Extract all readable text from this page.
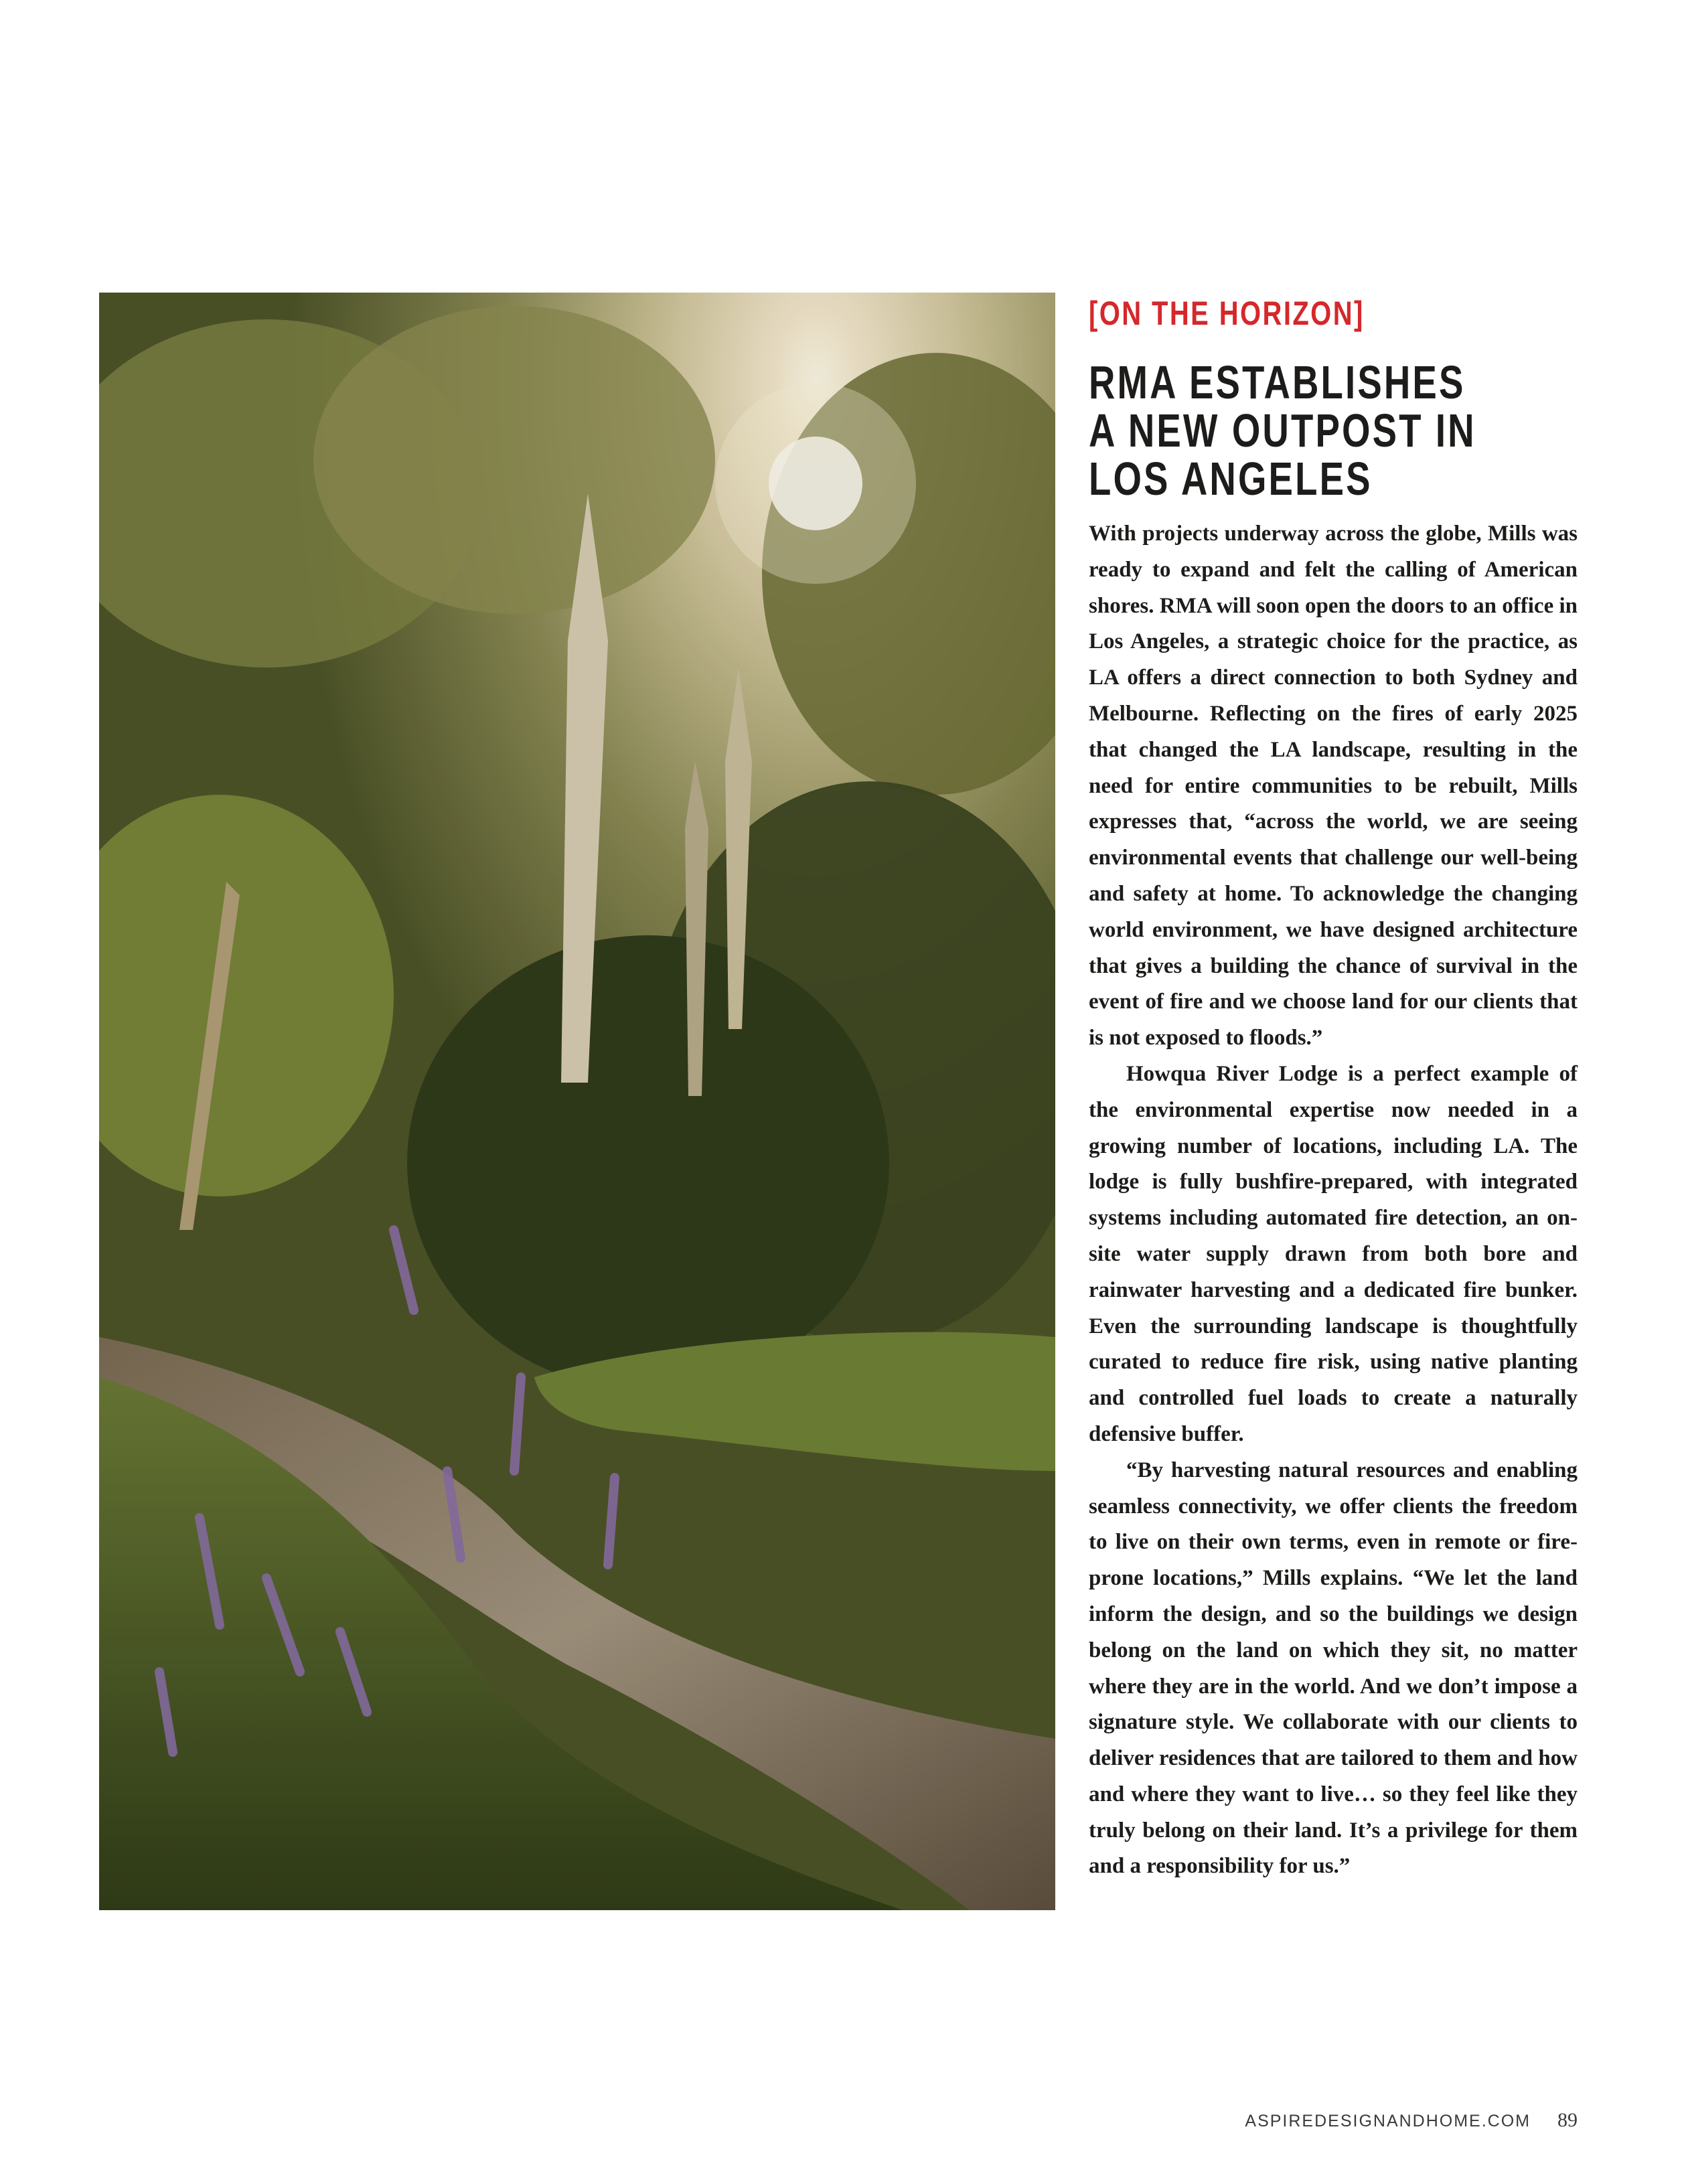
[ON THE HORIZON]
RMA ESTABLISHES
A NEW OUTPOST IN
LOS ANGELES

With projects underway across the globe, Mills was ready to expand and felt the calling of American shores. RMA will soon open the doors to an office in Los Angeles, a strategic choice for the practice, as LA offers a direct connection to both Sydney and Melbourne. Reflecting on the fires of early 2025 that changed the LA landscape, resulting in the need for entire communities to be rebuilt, Mills expresses that, “across the world, we are seeing environmental events that challenge our well-being and safety at home. To acknowledge the changing world environment, we have designed architecture that gives a building the chance of survival in the event of fire and we choose land for our clients that is not exposed to floods.”

Howqua River Lodge is a perfect example of the environmental expertise now needed in a growing number of locations, including LA. The lodge is fully bushfire-prepared, with integrated systems including automated fire detection, an on-site water supply drawn from both bore and rainwater harvesting and a dedicated fire bunker. Even the surrounding landscape is thoughtfully curated to reduce fire risk, using native planting and controlled fuel loads to create a naturally defensive buffer.

“By harvesting natural resources and enabling seamless connectivity, we offer clients the freedom to live on their own terms, even in remote or fire-prone locations,” Mills explains. “We let the land inform the design, and so the buildings we design belong on the land on which they sit, no matter where they are in the world. And we don’t impose a signature style. We collaborate with our clients to deliver residences that are tailored to them and how and where they want to live… so they feel like they truly belong on their land. It’s a privilege for them and a responsibility for us.”

ASPIREDESIGNANDHOME.COM 89
